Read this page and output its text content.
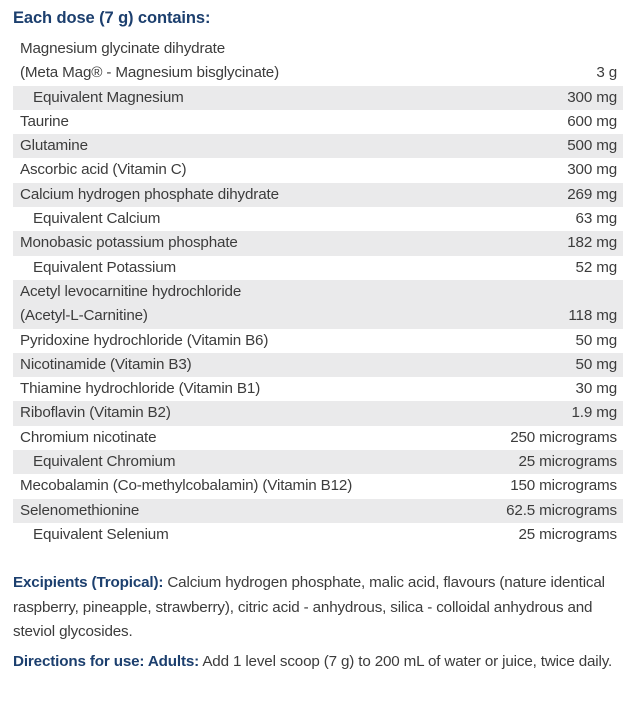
Each dose (7 g) contains:
Magnesium glycinate dihydrate
(Meta Mag® - Magnesium bisglycinate)	3 g
Equivalent Magnesium	300 mg
Taurine	600 mg
Glutamine	500 mg
Ascorbic acid (Vitamin C)	300 mg
Calcium hydrogen phosphate dihydrate	269 mg
Equivalent Calcium	63 mg
Monobasic potassium phosphate	182 mg
Equivalent Potassium	52 mg
Acetyl levocarnitine hydrochloride
(Acetyl-L-Carnitine)	118 mg
Pyridoxine hydrochloride (Vitamin B6)	50 mg
Nicotinamide (Vitamin B3)	50 mg
Thiamine hydrochloride (Vitamin B1)	30 mg
Riboflavin (Vitamin B2)	1.9 mg
Chromium nicotinate	250 micrograms
Equivalent Chromium	25 micrograms
Mecobalamin (Co-methylcobalamin) (Vitamin B12)	150 micrograms
Selenomethionine	62.5 micrograms
Equivalent Selenium	25 micrograms
Excipients (Tropical): Calcium hydrogen phosphate, malic acid, flavours (nature identical raspberry, pineapple, strawberry), citric acid - anhydrous, silica - colloidal anhydrous and steviol glycosides.
Directions for use: Adults: Add 1 level scoop (7 g) to 200 mL of water or juice, twice daily.
